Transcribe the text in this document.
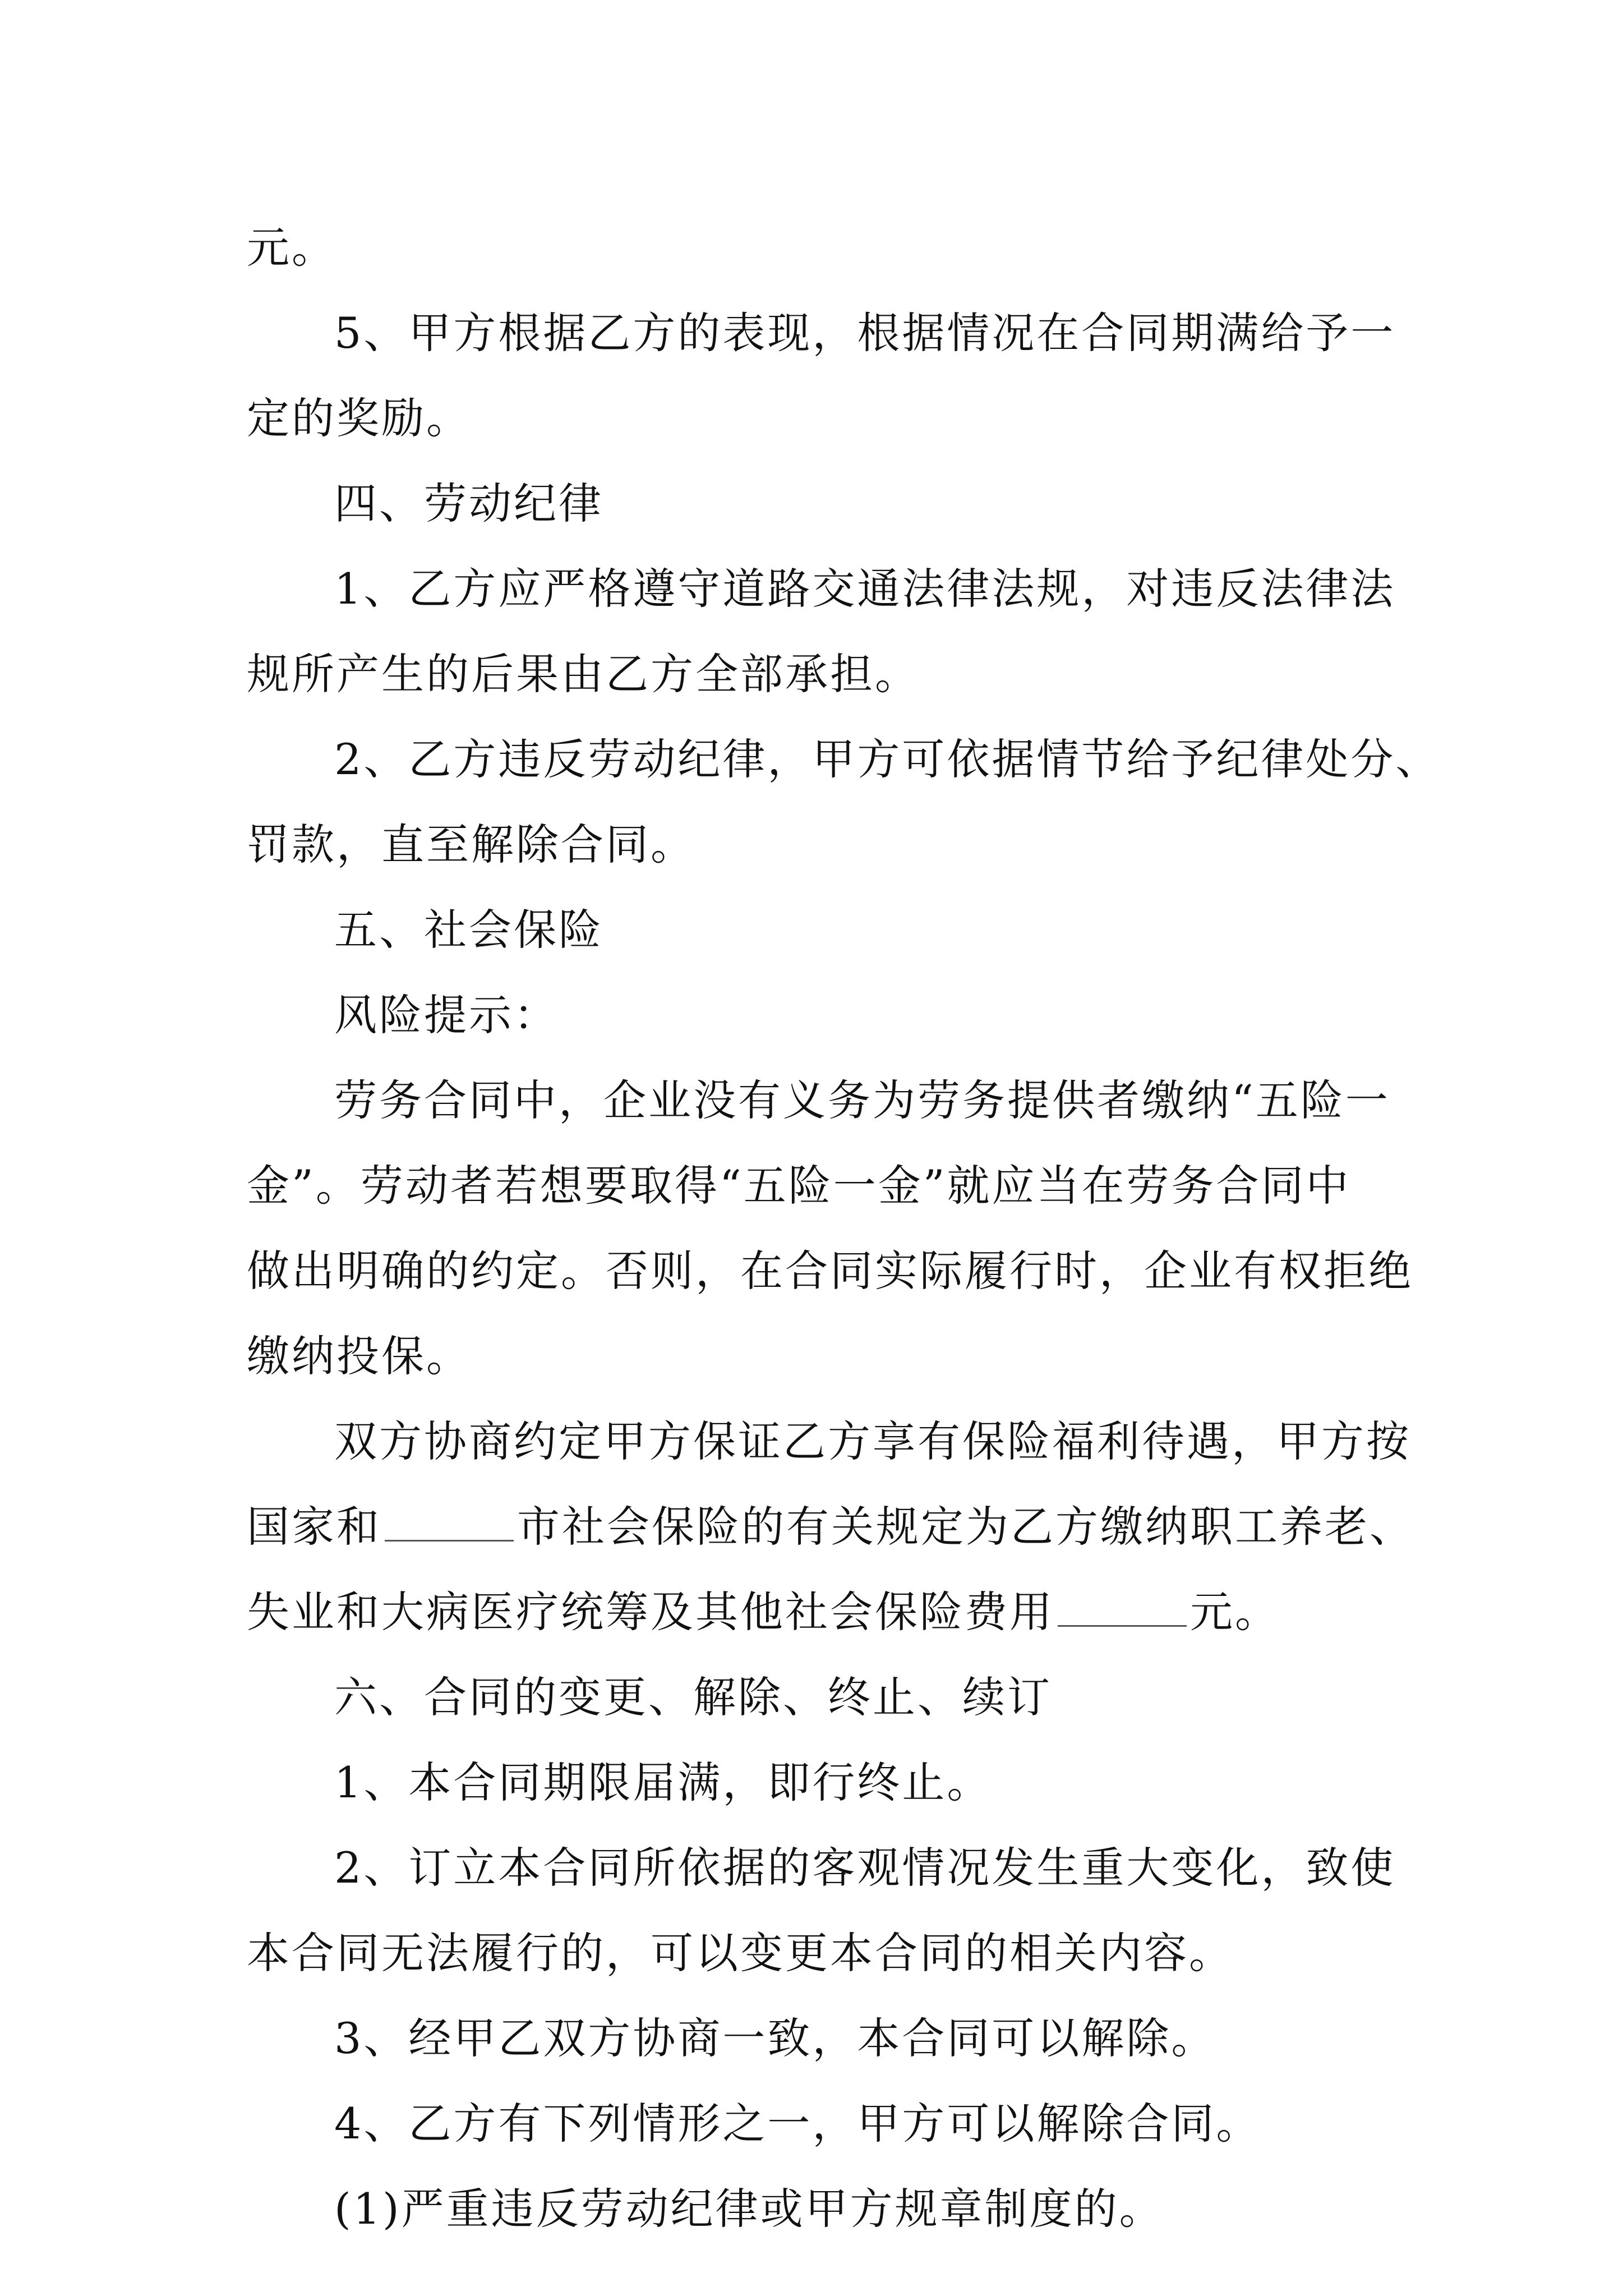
元。
5、甲方根据乙方的表现，根据情况在合同期满给予一
定的奖励。
四、劳动纪律
1、乙方应严格遵守道路交通法律法规，对违反法律法
规所产生的后果由乙方全部承担。
2、乙方违反劳动纪律，甲方可依据情节给予纪律处分、
罚款，直至解除合同。
五、社会保险
风险提示：
劳务合同中，企业没有义务为劳务提供者缴纳“五险一
金”。劳动者若想要取得“五险一金”就应当在劳务合同中
做出明确的约定。否则，在合同实际履行时，企业有权拒绝
缴纳投保。
双方协商约定甲方保证乙方享有保险福利待遇，甲方按
国家和	市社会保险的有关规定为乙方缴纳职工养老、
失业和大病医疗统筹及其他社会保险费用	元。
六、合同的变更、解除、终止、续订
1、本合同期限届满，即行终止。
2、订立本合同所依据的客观情况发生重大变化，致使
本合同无法履行的，可以变更本合同的相关内容。
3、经甲乙双方协商一致，本合同可以解除。
4、乙方有下列情形之一，甲方可以解除合同。
(1)严重违反劳动纪律或甲方规章制度的。
